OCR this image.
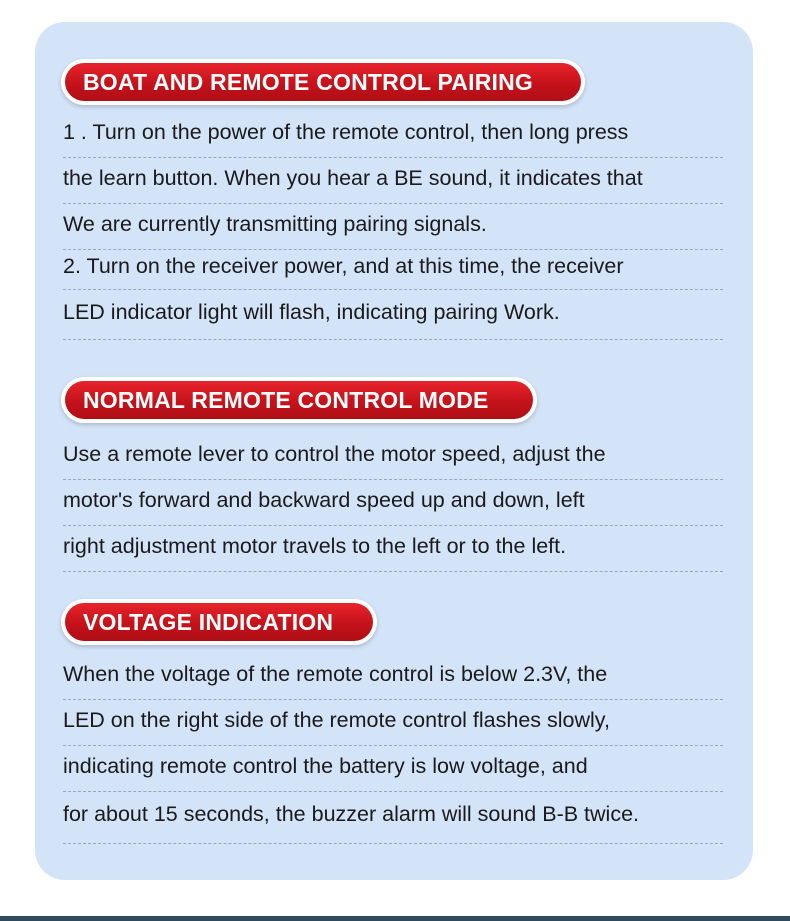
BOAT AND REMOTE CONTROL PAIRING
1 . Turn on the power of the remote control, then long press
the learn button. When you hear a BE sound, it indicates that
We are currently transmitting pairing signals.
2. Turn on the receiver power, and at this time, the receiver
LED indicator light will flash, indicating pairing Work.
NORMAL REMOTE CONTROL MODE
Use a remote lever to control the motor speed, adjust the
motor's forward and backward speed up and down, left
right adjustment motor travels to the left or to the left.
VOLTAGE INDICATION
When the voltage of the remote control is below 2.3V, the
LED on the right side of the remote control flashes slowly,
indicating remote control the battery is low voltage, and
for about 15 seconds, the buzzer alarm will sound B-B twice.
